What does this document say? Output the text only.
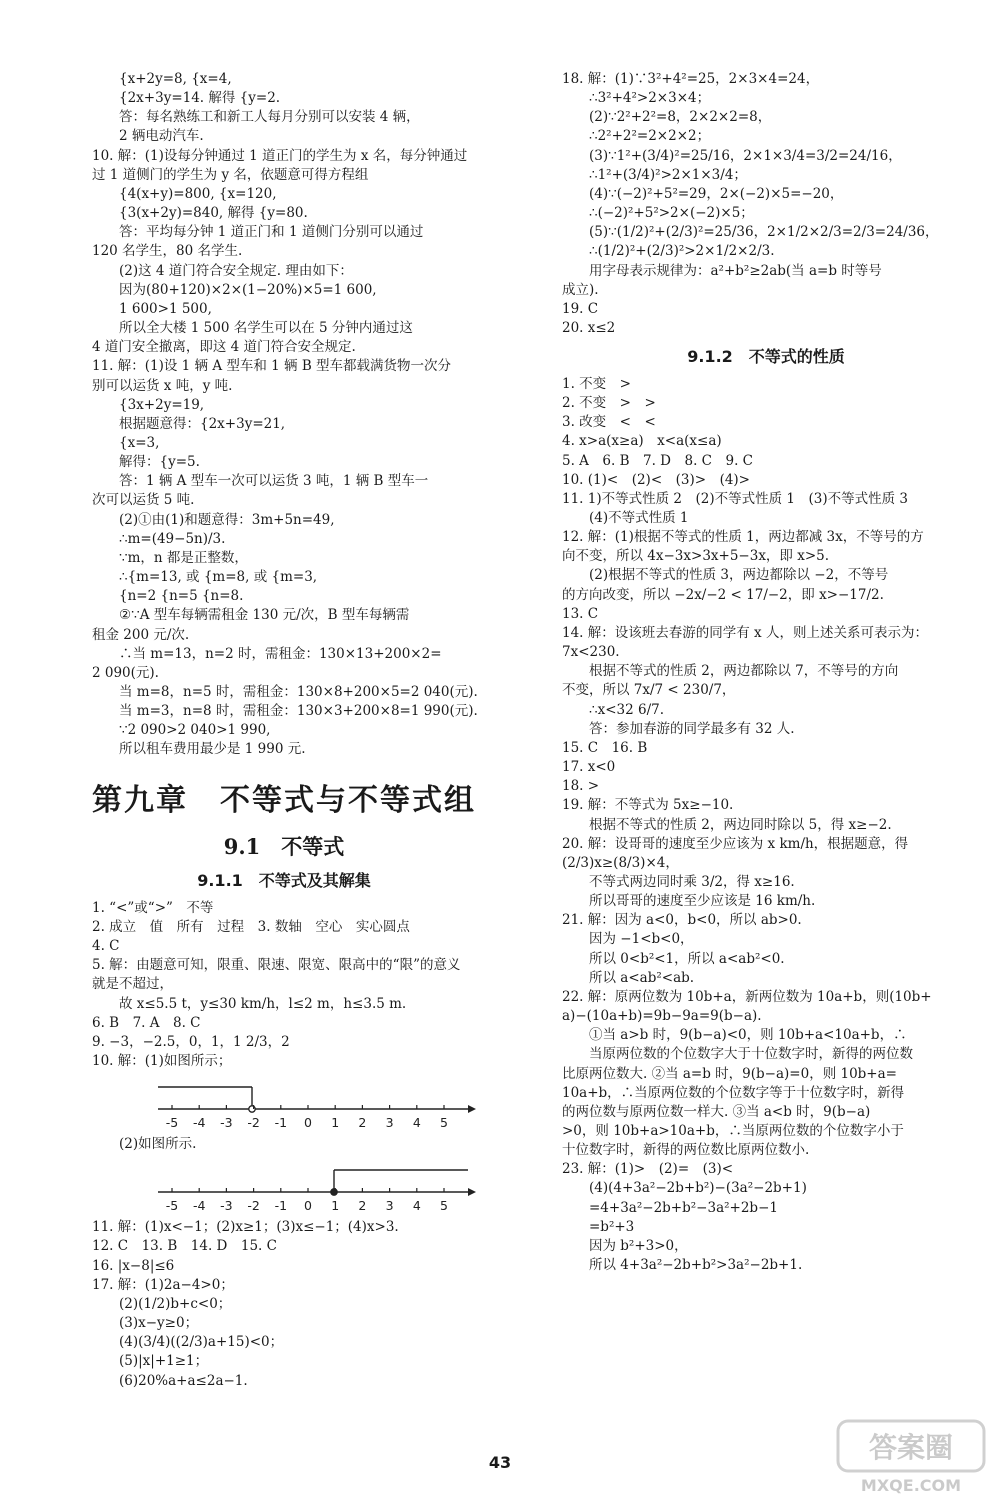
{x+2y=8, {x=4,
{2x+3y=14. 解得 {y=2.
答：每名熟练工和新工人每月分别可以安装 4 辆，
2 辆电动汽车.
10. 解：(1)设每分钟通过 1 道正门的学生为 x 名，每分钟通过
过 1 道侧门的学生为 y 名，依题意可得方程组
{4(x+y)=800, {x=120,
{3(x+2y)=840, 解得 {y=80.
答：平均每分钟 1 道正门和 1 道侧门分别可以通过
120 名学生，80 名学生.
(2)这 4 道门符合安全规定. 理由如下：
因为(80+120)×2×(1−20%)×5=1 600,
1 600>1 500,
所以全大楼 1 500 名学生可以在 5 分钟内通过这
4 道门安全撤离，即这 4 道门符合安全规定.
11. 解：(1)设 1 辆 A 型车和 1 辆 B 型车都载满货物一次分
别可以运货 x 吨，y 吨.
{3x+2y=19,
根据题意得：{2x+3y=21,
{x=3,
解得：{y=5.
答：1 辆 A 型车一次可以运货 3 吨，1 辆 B 型车一
次可以运货 5 吨.
(2)①由(1)和题意得：3m+5n=49,
∴m=(49−5n)/3.
∵m，n 都是正整数，
∴{m=13, 或 {m=8, 或 {m=3,
{n=2 {n=5 {n=8.
②∵A 型车每辆需租金 130 元/次，B 型车每辆需
租金 200 元/次.
∴当 m=13，n=2 时，需租金：130×13+200×2=
2 090(元).
当 m=8，n=5 时，需租金：130×8+200×5=2 040(元).
当 m=3，n=8 时，需租金：130×3+200×8=1 990(元).
∵2 090>2 040>1 990,
所以租车费用最少是 1 990 元.
第九章　不等式与不等式组
9.1　不等式
9.1.1　不等式及其解集
1. “<”或“>”　不等
2. 成立　值　所有　过程　3. 数轴　空心　实心圆点
4. C
5. 解：由题意可知，限重、限速、限宽、限高中的“限”的意义
就是不超过，
故 x≤5.5 t，y≤30 km/h，l≤2 m，h≤3.5 m.
6. B　7. A　8. C
9. −3，−2.5，0，1，1 2/3，2
10. 解：(1)如图所示；
-5 -4 -3 -2 -1 0 1 2 3 4 5
(2)如图所示.
-5 -4 -3 -2 -1 0 1 2 3 4 5
11. 解：(1)x<−1；(2)x≥1；(3)x≤−1；(4)x>3.
12. C　13. B　14. D　15. C
16. |x−8|≤6
17. 解：(1)2a−4>0；
(2)(1/2)b+c<0；
(3)x−y≥0；
(4)(3/4)((2/3)a+15)<0；
(5)|x|+1≥1；
(6)20%a+a≤2a−1.
18. 解：(1)∵3²+4²=25，2×3×4=24，
∴3²+4²>2×3×4；
(2)∵2²+2²=8，2×2×2=8，
∴2²+2²=2×2×2；
(3)∵1²+(3/4)²=25/16，2×1×3/4=3/2=24/16，
∴1²+(3/4)²>2×1×3/4；
(4)∵(−2)²+5²=29，2×(−2)×5=−20，
∴(−2)²+5²>2×(−2)×5；
(5)∵(1/2)²+(2/3)²=25/36，2×1/2×2/3=2/3=24/36，
∴(1/2)²+(2/3)²>2×1/2×2/3.
用字母表示规律为：a²+b²≥2ab(当 a=b 时等号
成立).
19. C
20. x≤2
9.1.2　不等式的性质
1. 不变　>
2. 不变　>　>
3. 改变　<　<
4. x>a(x≥a)　x<a(x≤a)
5. A　6. B　7. D　8. C　9. C
10. (1)<　(2)<　(3)>　(4)>
11. 1)不等式性质 2　(2)不等式性质 1　(3)不等式性质 3
(4)不等式性质 1
12. 解：(1)根据不等式的性质 1，两边都减 3x，不等号的方
向不变，所以 4x−3x>3x+5−3x，即 x>5.
(2)根据不等式的性质 3，两边都除以 −2，不等号
的方向改变，所以 −2x/−2 < 17/−2，即 x>−17/2.
13. C
14. 解：设该班去春游的同学有 x 人，则上述关系可表示为：
7x<230.
根据不等式的性质 2，两边都除以 7，不等号的方向
不变，所以 7x/7 < 230/7，
∴x<32 6/7.
答：参加春游的同学最多有 32 人.
15. C　16. B
17. x<0
18. >
19. 解：不等式为 5x≥−10.
根据不等式的性质 2，两边同时除以 5，得 x≥−2.
20. 解：设哥哥的速度至少应该为 x km/h，根据题意，得
(2/3)x≥(8/3)×4，
不等式两边同时乘 3/2，得 x≥16.
所以哥哥的速度至少应该是 16 km/h.
21. 解：因为 a<0，b<0，所以 ab>0.
因为 −1<b<0，
所以 0<b²<1，所以 a<ab²<0.
所以 a<ab²<ab.
22. 解：原两位数为 10b+a，新两位数为 10a+b，则(10b+
a)−(10a+b)=9b−9a=9(b−a).
①当 a>b 时，9(b−a)<0，则 10b+a<10a+b，∴
当原两位数的个位数字大于十位数字时，新得的两位数
比原两位数大. ②当 a=b 时，9(b−a)=0，则 10b+a=
10a+b，∴当原两位数的个位数字等于十位数字时，新得
的两位数与原两位数一样大. ③当 a<b 时，9(b−a)
>0，则 10b+a>10a+b，∴当原两位数的个位数字小于
十位数字时，新得的两位数比原两位数小.
23. 解：(1)>　(2)=　(3)<
(4)(4+3a²−2b+b²)−(3a²−2b+1)
=4+3a²−2b+b²−3a²+2b−1
=b²+3
因为 b²+3>0，
所以 4+3a²−2b+b²>3a²−2b+1.
43	答案圈
MXQE.COM
